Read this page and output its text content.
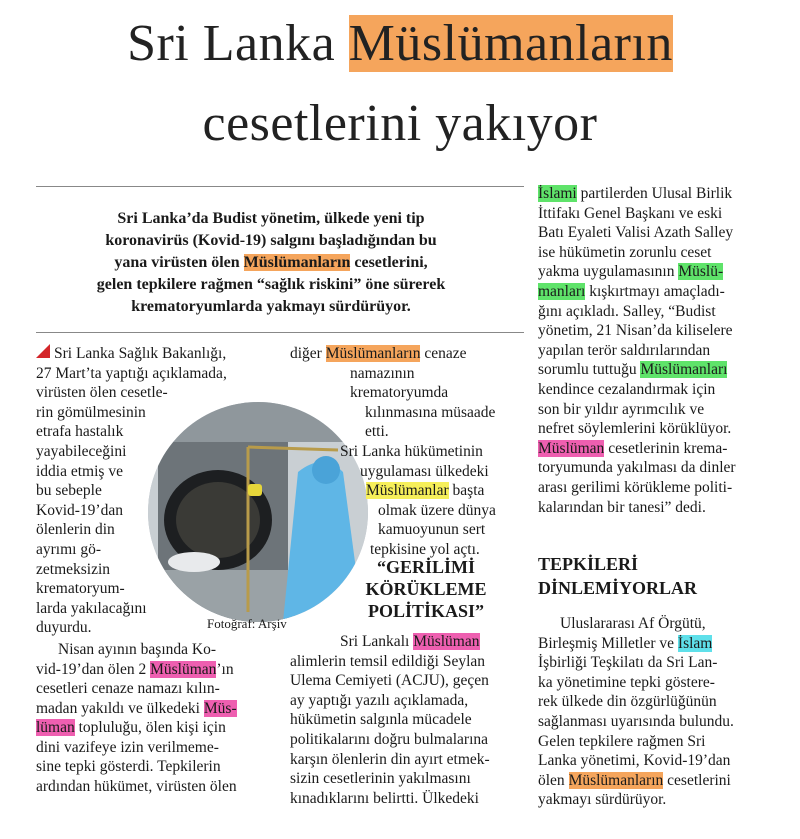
Sri Lanka Müslümanların
cesetlerini yakıyor
Sri Lanka’da Budist yönetim, ülkede yeni tip
koronavirüs (Kovid-19) salgını başladığından bu
yana virüsten ölen Müslümanların cesetlerini,
gelen tepkilere rağmen “sağlık riskini” öne sürerek
krematoryumlarda yakmayı sürdürüyor.
Sri Lanka Sağlık Bakanlığı,
27 Mart’ta yaptığı açıklamada,
virüsten ölen cesetle-
rin gömülmesinin
etrafa hastalık
yayabileceğini
iddia etmiş ve
bu sebeple
Kovid-19’dan
ölenlerin din
ayrımı gö-
zetmeksizin
krematoryum-
larda yakılacağını
duyurdu.
Nisan ayının başında Ko-
vid-19’dan ölen 2 Müslüman’ın
cesetleri cenaze namazı kılın-
madan yakıldı ve ülkedeki Müs-
lüman topluluğu, ölen kişi için
dini vazifeye izin verilmeme-
sine tepki gösterdi. Tepkilerin
ardından hükümet, virüsten ölen
Fotoğraf: Arşiv
diğer Müslümanların cenaze
namazının krematoryumda
kılınmasına müsaade etti.
Sri Lanka hükümetinin
uygulaması ülkedeki
Müslümanlar başta
olmak üzere dünya
kamuoyunun sert
tepkisine yol açtı.
“GERİLİMİ
KÖRÜKLEME
POLİTİKASI”
Sri Lankalı Müslüman
alimlerin temsil edildiği Seylan
Ulema Cemiyeti (ACJU), geçen
ay yaptığı yazılı açıklamada,
hükümetin salgınla mücadele
politikalarını doğru bulmalarına
karşın ölenlerin din ayırt etmek-
sizin cesetlerinin yakılmasını
kınadıklarını belirtti. Ülkedeki
İslami partilerden Ulusal Birlik
İttifakı Genel Başkanı ve eski
Batı Eyaleti Valisi Azath Salley
ise hükümetin zorunlu ceset
yakma uygulamasının Müslü-
manları kışkırtmayı amaçladı-
ğını açıkladı. Salley, “Budist
yönetim, 21 Nisan’da kiliselere
yapılan terör saldırılarından
sorumlu tuttuğu Müslümanları
kendince cezalandırmak için
son bir yıldır ayrımcılık ve
nefret söylemlerini körüklüyor.
Müslüman cesetlerinin krema-
toryumunda yakılması da dinler
arası gerilimi körükleme politi-
kalarından bir tanesi” dedi.
TEPKİLERİ
DİNLEMİYORLAR
Uluslararası Af Örgütü,
Birleşmiş Milletler ve İslam
İşbirliği Teşkilatı da Sri Lan-
ka yönetimine tepki göstere-
rek ülkede din özgürlüğünün
sağlanması uyarısında bulundu.
Gelen tepkilere rağmen Sri
Lanka yönetimi, Kovid-19’dan
ölen Müslümanların cesetlerini
yakmayı sürdürüyor.
